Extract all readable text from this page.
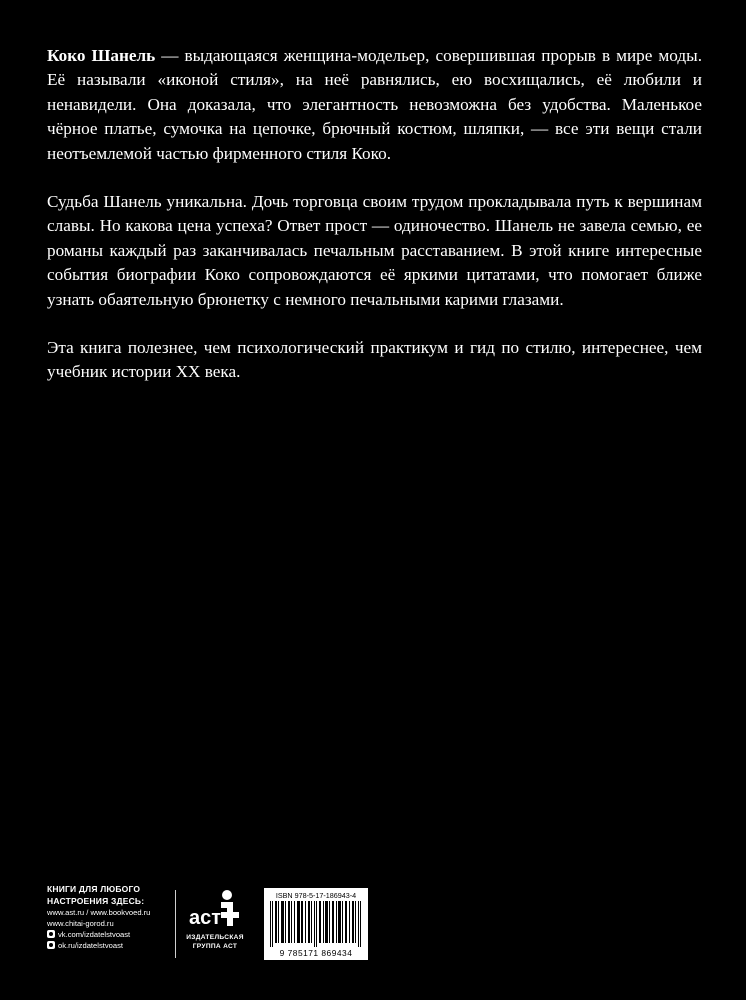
Коко Шанель — выдающаяся женщина-модельер, совершившая прорыв в мире моды. Её называли «иконой стиля», на неё равнялись, ею восхищались, её любили и ненавидели. Она доказала, что элегантность невозможна без удобства. Маленькое чёрное платье, сумочка на цепочке, брючный костюм, шляпки, — все эти вещи стали неотъемлемой частью фирменного стиля Коко.

Судьба Шанель уникальна. Дочь торговца своим трудом прокладывала путь к вершинам славы. Но какова цена успеха? Ответ прост — одиночество. Шанель не завела семью, ее романы каждый раз заканчивалась печальным расставанием. В этой книге интересные события биографии Коко сопровождаются её яркими цитатами, что помогает ближе узнать обаятельную брюнетку с немного печальными карими глазами.

Эта книга полезнее, чем психологический практикум и гид по стилю, интереснее, чем учебник истории XX века.

КНИГИ ДЛЯ ЛЮБОГО
НАСТРОЕНИЯ ЗДЕСЬ:
www.ast.ru / www.bookvoed.ru
www.chitai-gorod.ru
vk.com/izdatelstvoast
ok.ru/izdatelstvoast
аст
ИЗДАТЕЛЬСКАЯ
ГРУППА АСТ
ISBN 978-5-17-186943-4
9 785171 869434
